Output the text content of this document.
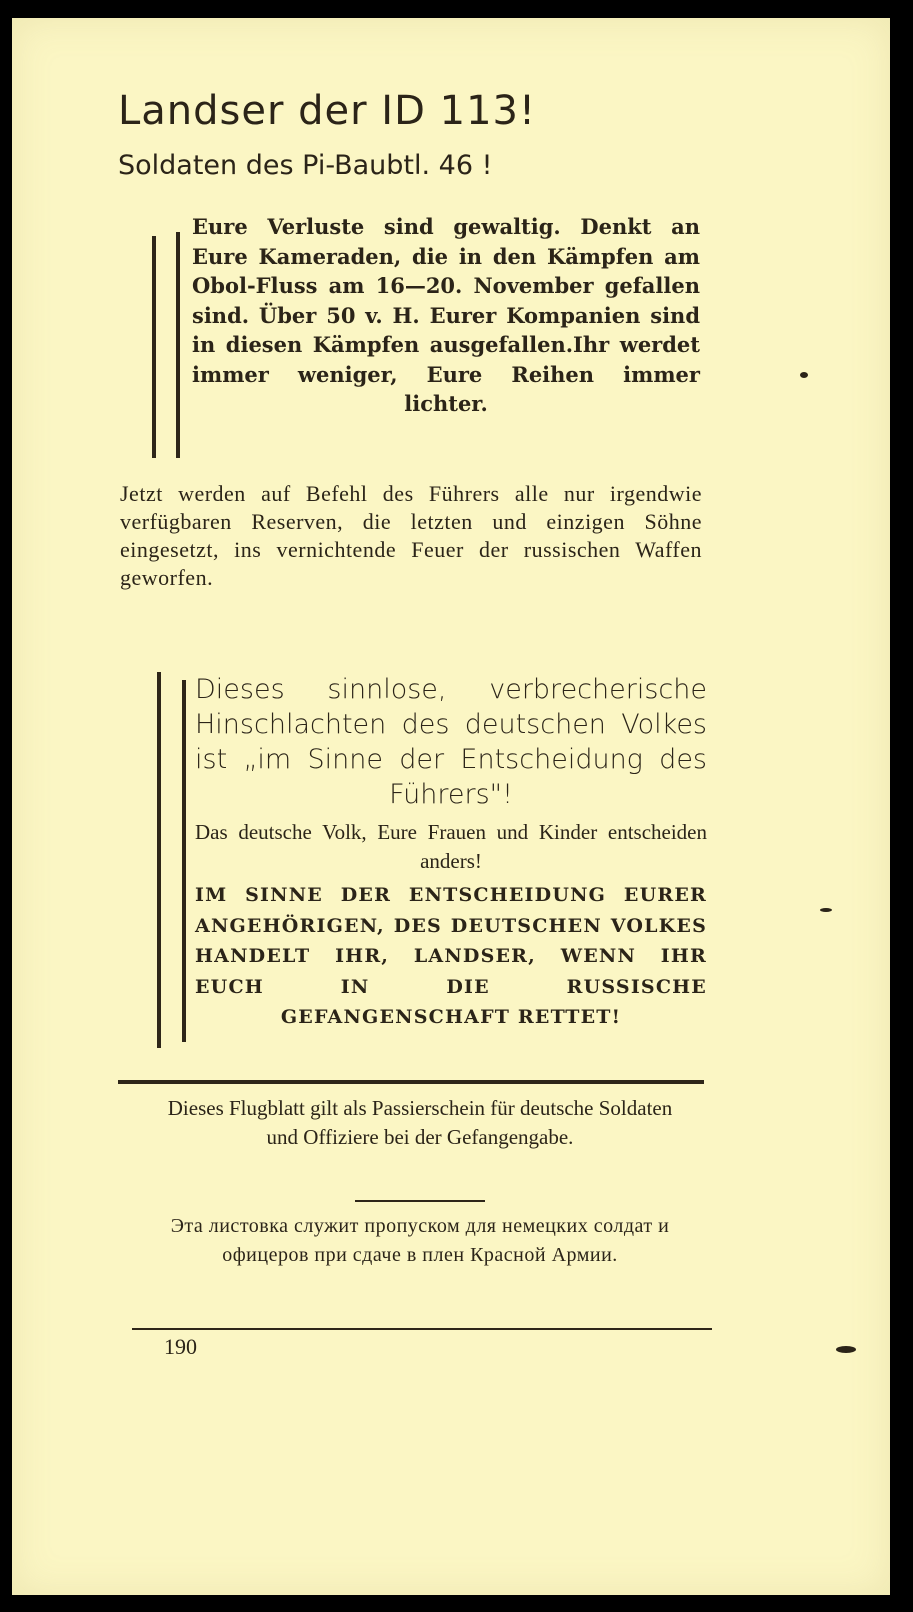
Landser der ID 113!
Soldaten des Pi-Baubtl. 46 !

Eure Verluste sind gewaltig. Denkt an Eure Kameraden, die in den Kämpfen am Obol-Fluss am 16—20. November gefallen sind. Über 50 v. H. Eurer Kompanien sind in diesen Kämpfen ausgefallen.Ihr werdet immer weniger, Eure Reihen immer lichter.

Jetzt werden auf Befehl des Führers alle nur irgendwie verfügbaren Reserven, die letzten und einzigen Söhne eingesetzt, ins vernichtende Feuer der russischen Waffen geworfen.

Dieses sinnlose, verbrecherische Hinschlachten des deutschen Volkes ist „im Sinne der Entscheidung des Führers"!

Das deutsche Volk, Eure Frauen und Kinder entscheiden anders!

IM SINNE DER ENTSCHEIDUNG EURER ANGEHÖRIGEN, DES DEUTSCHEN VOLKES HANDELT IHR, LANDSER, WENN IHR EUCH IN DIE RUSSISCHE GEFANGENSCHAFT RETTET!

Dieses Flugblatt gilt als Passierschein für deutsche Soldaten und Offiziere bei der Gefangengabe.

Эта листовка служит пропуском для немецких солдат и офицеров при сдаче в плен Красной Армии.

190
